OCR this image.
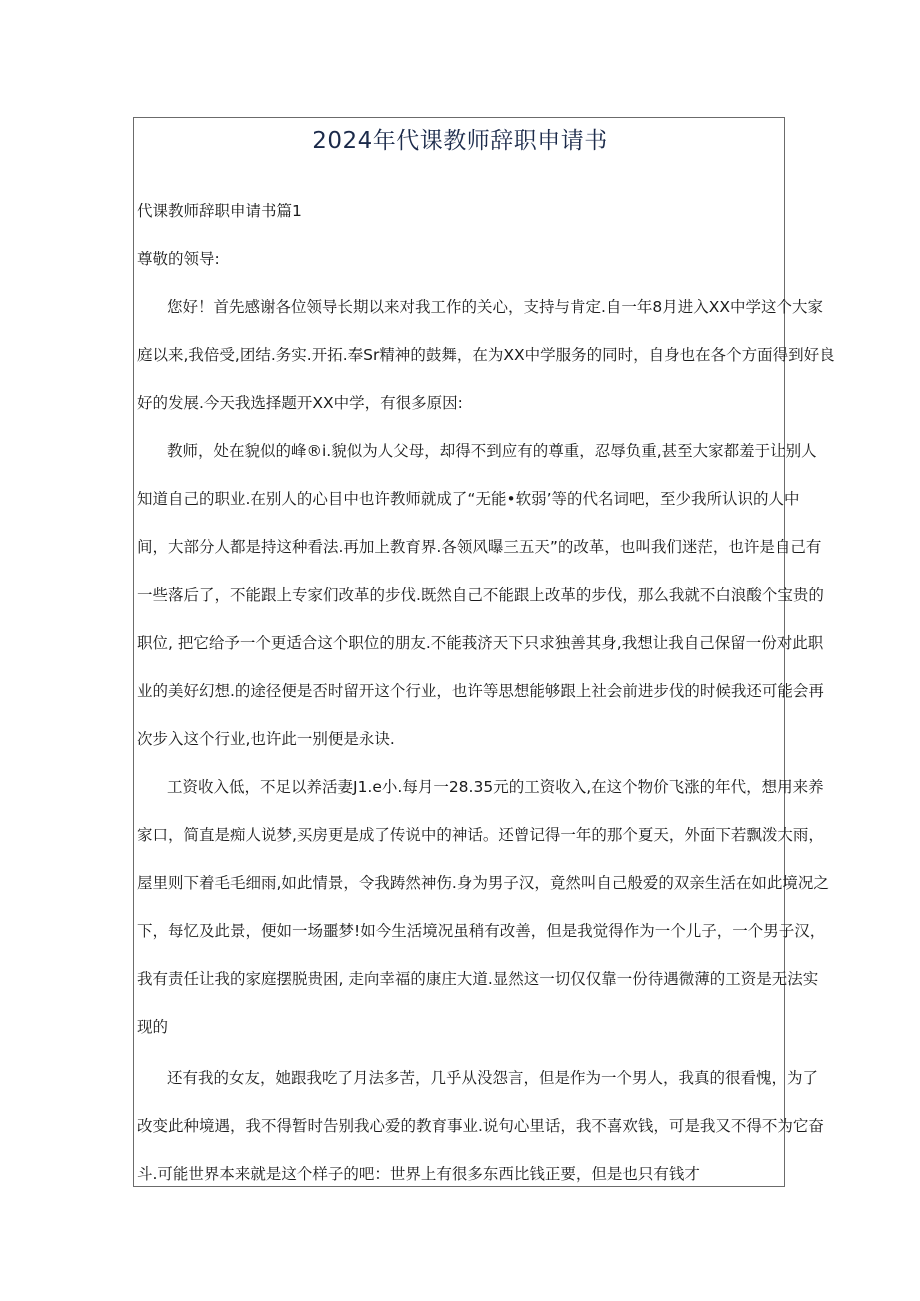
2024年代课教师辞职申请书
代课教师辞职申请书篇1
尊敬的领导:
您好！首先感谢各位领导长期以来对我工作的关心，支持与肯定.自一年8月进入XX中学这个大家
庭以来,我倍受,团结.务实.开拓.奉Sr精神的鼓舞，在为XX中学服务的同时，自身也在各个方面得到好良
好的发展.今天我选择题开XX中学，有很多原因:
教师，处在貌似的峰®i.貌似为人父母，却得不到应有的尊重，忍辱负重,甚至大家都羞于让别人
知道自己的职业.在别人的心目中也许教师就成了“无能•软弱’等的代名词吧，至少我所认识的人中
间，大部分人都是持这种看法.再加上教育界.各领风曝三五天”的改革，也叫我们迷茫，也许是自己有
一些落后了，不能跟上专家们改革的步伐.既然自己不能跟上改革的步伐，那么我就不白浪酸个宝贵的
职位, 把它给予一个更适合这个职位的朋友.不能莪济天下只求独善其身,我想让我自己保留一份对此职
业的美好幻想.的途径便是否时留开这个行业，也许等思想能够跟上社会前进步伐的时候我还可能会再
次步入这个行业,也许此一别便是永诀.
工资收入低，不足以养活妻J1.e小.每月一28.35元的工资收入,在这个物价飞涨的年代，想用来养
家口，简直是痴人说梦,买房更是成了传说中的神话。还曾记得一年的那个夏天，外面下若飘泼大雨，
屋里则下着毛毛细雨,如此情景，令我踌然神伤.身为男子汉，竟然叫自己般爱的双亲生活在如此境况之
下，每忆及此景，便如一场噩梦!如今生活境况虽稍有改善，但是我觉得作为一个儿子，一个男子汉，
我有责任让我的家庭摆脱贵困, 走向幸福的康庄大道.显然这一切仅仅靠一份待遇微薄的工资是无法实
现的
还有我的女友，她跟我吃了月法多苦，几乎从没怨言，但是作为一个男人，我真的很看愧，为了
改变此种境遇，我不得暂时告别我心爱的教育事业.说句心里话，我不喜欢钱，可是我又不得不为它奋
斗.可能世界本来就是这个样子的吧：世界上有很多东西比钱正要，但是也只有钱才
